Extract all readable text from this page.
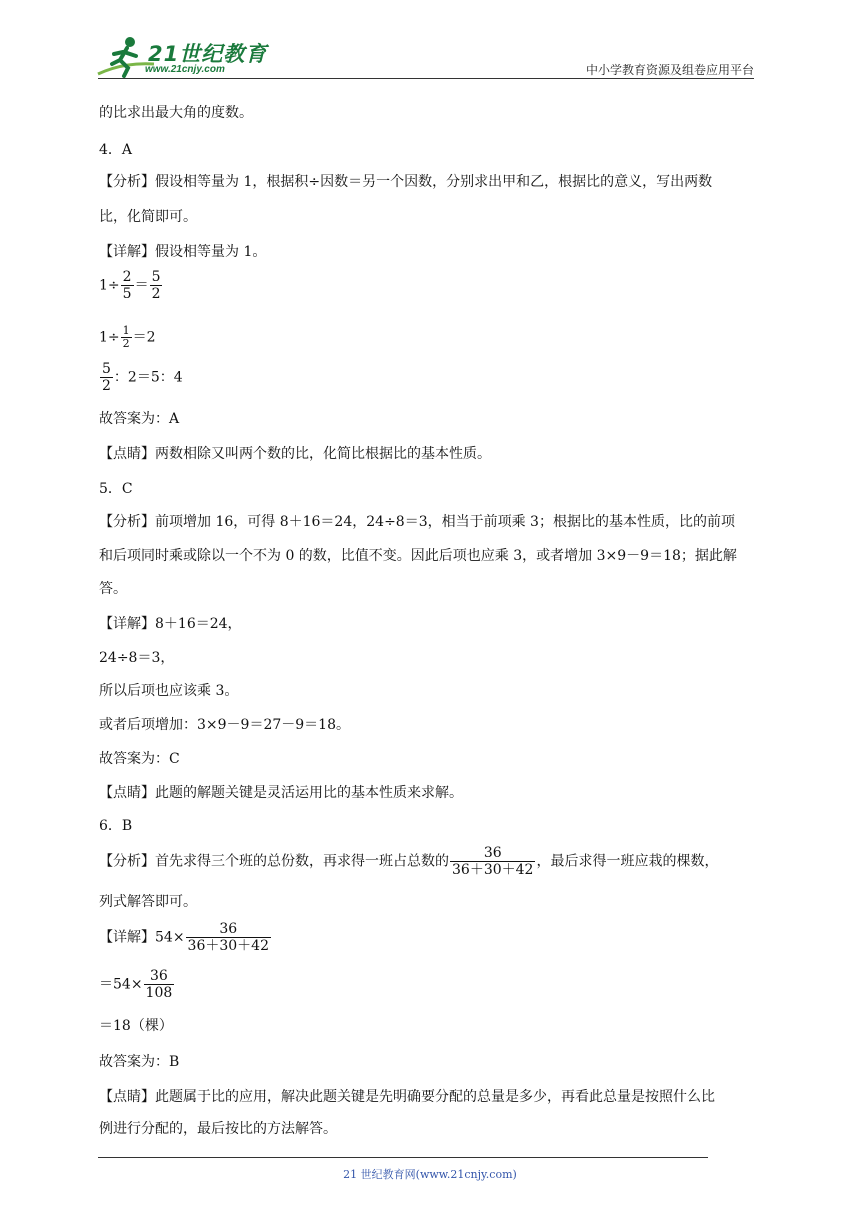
21世纪教育
www.21cnjy.com	中小学教育资源及组卷应用平台
的比求出最大角的度数。
4．A
【分析】假设相等量为 1，根据积÷因数＝另一个因数，分别求出甲和乙，根据比的意义，写出两数
比，化简即可。
【详解】假设相等量为 1。
$1\div \frac{2}{5} = \frac{5}{2}$
$1\div \frac{1}{2} =2$
$\frac{5}{2}$ ：2＝5：4
故答案为：A
【点睛】两数相除又叫两个数的比，化简比根据比的基本性质。
5．C
【分析】前项增加 16，可得 8＋16＝24，24÷8＝3，相当于前项乘 3；根据比的基本性质，比的前项
和后项同时乘或除以一个不为 0 的数，比值不变。因此后项也应乘 3，或者增加 3×9－9＝18；据此解
答。
【详解】8＋16＝24，
24÷8＝3，
所以后项也应该乘 3。
或者后项增加：3×9－9＝27－9＝18。
故答案为：C
【点睛】此题的解题关键是灵活运用比的基本性质来求解。
6．B
【分析】首先求得三个班的总份数，再求得一班占总数的 $\frac{36}{36+30+42}$ ，最后求得一班应栽的棵数，
列式解答即可。
【详解】$54\times \frac{36}{36+30+42}$
$=54\times \frac{36}{108}$
＝18（棵）
故答案为：B
【点睛】此题属于比的应用，解决此题关键是先明确要分配的总量是多少，再看此总量是按照什么比
例进行分配的，最后按比的方法解答。
21 世纪教育网(www.21cnjy.com)
